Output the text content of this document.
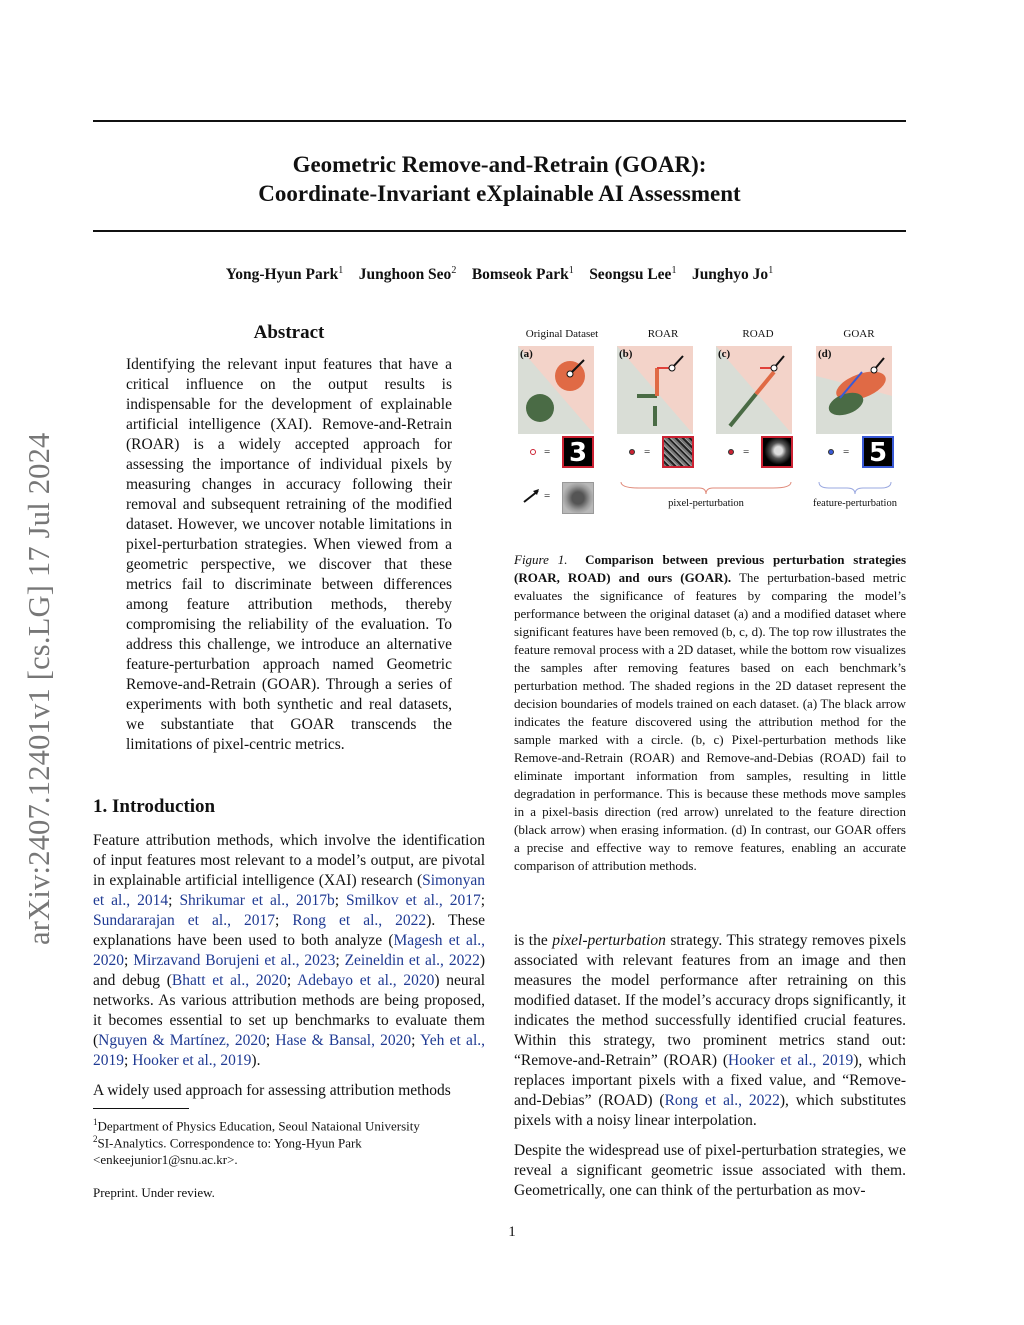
Geometric Remove-and-Retrain (GOAR):
Coordinate-Invariant eXplainable AI Assessment
Yong-Hyun Park$^1$ Junghoon Seo$^2$ Bomseok Park$^1$ Seongsu Lee$^1$ Junghyo Jo$^1$
arXiv:2407.12401v1 [cs.LG] 17 Jul 2024
Abstract
Identifying the relevant input features that have a critical influence on the output results is indispensable for the development of explainable artificial intelligence (XAI). Remove-and-Retrain (ROAR) is a widely accepted approach for assessing the importance of individual pixels by measuring changes in accuracy following their removal and subsequent retraining of the modified dataset. However, we uncover notable limitations in pixel-perturbation strategies. When viewed from a geometric perspective, we discover that these metrics fail to discriminate between differences among feature attribution methods, thereby compromising the reliability of the evaluation. To address this challenge, we introduce an alternative feature-perturbation approach named Geometric Remove-and-Retrain (GOAR). Through a series of experiments with both synthetic and real datasets, we substantiate that GOAR transcends the limitations of pixel-centric metrics.
1. Introduction
Feature attribution methods, which involve the identification of input features most relevant to a model’s output, are pivotal in explainable artificial intelligence (XAI) research (Simonyan et al., 2014; Shrikumar et al., 2017b; Smilkov et al., 2017; Sundararajan et al., 2017; Rong et al., 2022). These explanations have been used to both analyze (Magesh et al., 2020; Mirzavand Borujeni et al., 2023; Zeineldin et al., 2022) and debug (Bhatt et al., 2020; Adebayo et al., 2020) neural networks. As various attribution methods are being proposed, it becomes essential to set up benchmarks to evaluate them (Nguyen & Martínez, 2020; Hase & Bansal, 2020; Yeh et al., 2019; Hooker et al., 2019).
A widely used approach for assessing attribution methods
$^1$Department of Physics Education, Seoul Nataional University
$^2$SI-Analytics. Correspondence to: Yong-Hyun Park <enkeejunior1@snu.ac.kr>.
Preprint. Under review.
Original Dataset	ROAR	ROAD	GOAR
(a)	(b)	(c)	(d)
= 3	=	=	= 5
=
pixel-perturbation	feature-perturbation
Figure 1. Comparison between previous perturbation strategies (ROAR, ROAD) and ours (GOAR). The perturbation-based metric evaluates the significance of features by comparing the model’s performance between the original dataset (a) and a modified dataset where significant features have been removed (b, c, d). The top row illustrates the feature removal process with a 2D dataset, while the bottom row visualizes the samples after removing features based on each benchmark’s perturbation method. The shaded regions in the 2D dataset represent the decision boundaries of models trained on each dataset. (a) The black arrow indicates the feature discovered using the attribution method for the sample marked with a circle. (b, c) Pixel-perturbation methods like Remove-and-Retrain (ROAR) and Remove-and-Debias (ROAD) fail to eliminate important information from samples, resulting in little degradation in performance. This is because these methods move samples in a pixel-basis direction (red arrow) unrelated to the feature direction (black arrow) when erasing information. (d) In contrast, our GOAR offers a precise and effective way to remove features, enabling an accurate comparison of attribution methods.
is the pixel-perturbation strategy. This strategy removes pixels associated with relevant features from an image and then measures the model performance after retraining on this modified dataset. If the model’s accuracy drops significantly, it indicates the method successfully identified crucial features. Within this strategy, two prominent metrics stand out: “Remove-and-Retrain” (ROAR) (Hooker et al., 2019), which replaces important pixels with a fixed value, and “Remove-and-Debias” (ROAD) (Rong et al., 2022), which substitutes pixels with a noisy linear interpolation.
Despite the widespread use of pixel-perturbation strategies, we reveal a significant geometric issue associated with them. Geometrically, one can think of the perturbation as mov-
1
